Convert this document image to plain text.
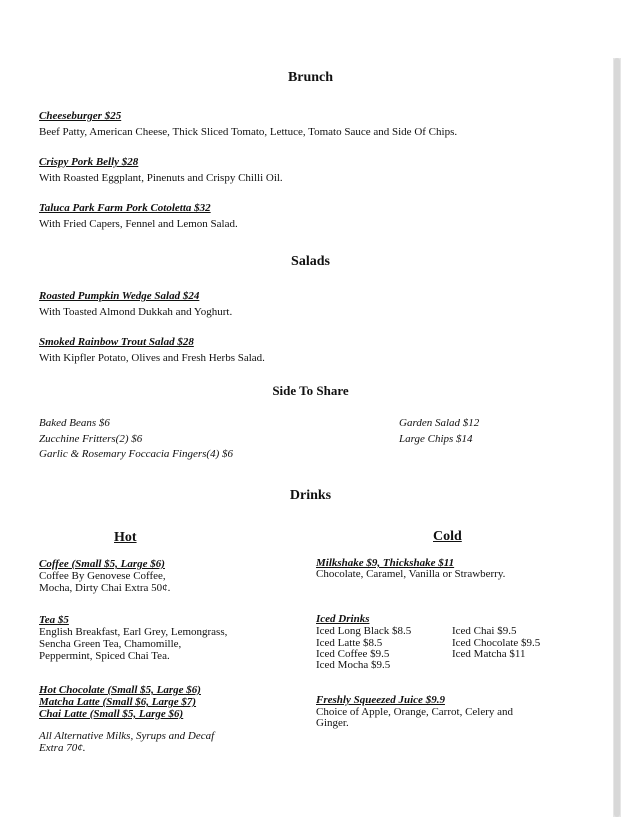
Brunch
Cheeseburger $25
Beef Patty, American Cheese, Thick Sliced Tomato, Lettuce, Tomato Sauce and Side Of Chips.
Crispy Pork Belly $28
With Roasted Eggplant, Pinenuts and Crispy Chilli Oil.
Taluca Park Farm Pork Cotoletta $32
With Fried Capers, Fennel and Lemon Salad.
Salads
Roasted Pumpkin Wedge Salad $24
With Toasted Almond Dukkah and Yoghurt.
Smoked Rainbow Trout Salad $28
With Kipfler Potato, Olives and Fresh Herbs Salad.
Side To Share
Baked Beans $6
Zucchine Fritters(2) $6
Garlic & Rosemary Foccacia Fingers(4) $6
Garden Salad $12
Large Chips $14
Drinks
Hot	Cold
Coffee (Small $5, Large $6)
Coffee By Genovese Coffee,
Mocha, Dirty Chai Extra 50¢.
Tea $5
English Breakfast, Earl Grey, Lemongrass,
Sencha Green Tea, Chamomille,
Peppermint, Spiced Chai Tea.
Hot Chocolate (Small $5, Large $6)
Matcha Latte (Small $6, Large $7)
Chai Latte (Small $5, Large $6)
All Alternative Milks, Syrups and Decaf
Extra 70¢.
Milkshake $9, Thickshake $11
Chocolate, Caramel, Vanilla or Strawberry.
Iced Drinks
Iced Long Black $8.5
Iced Latte $8.5
Iced Coffee $9.5
Iced Mocha $9.5
Iced Chai $9.5
Iced Chocolate $9.5
Iced Matcha $11
Freshly Squeezed Juice $9.9
Choice of Apple, Orange, Carrot, Celery and
Ginger.
